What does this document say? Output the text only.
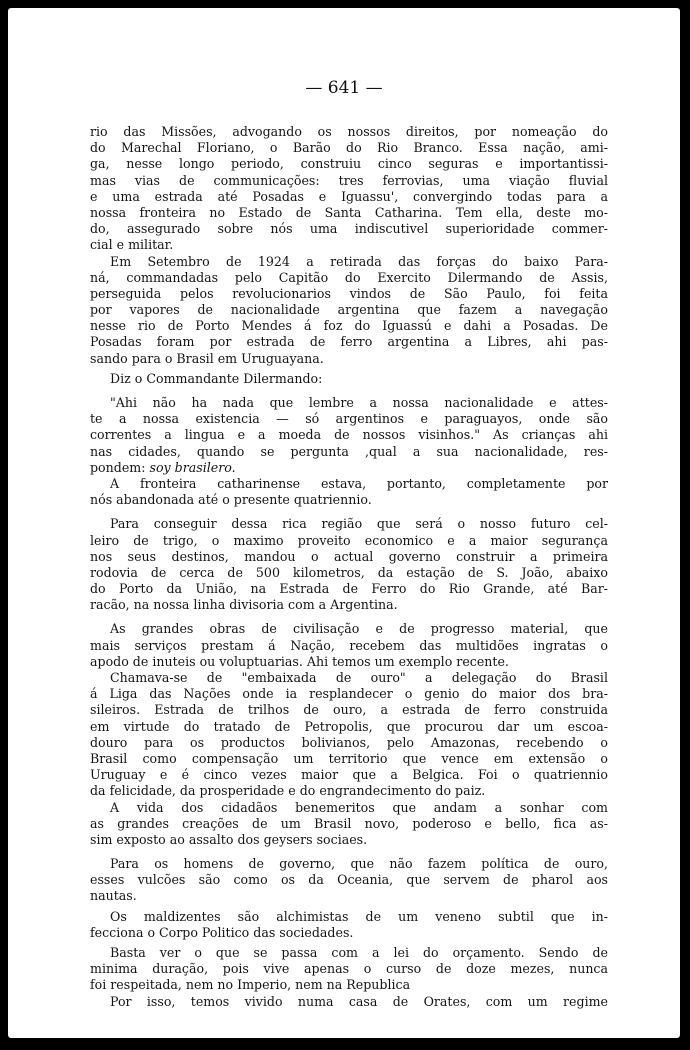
— 641 —
rio das Missões, advogando os nossos direitos, por nomeação do
do Marechal Floriano, o Barão do Rio Branco. Essa nação, ami-
ga, nesse longo periodo, construiu cinco seguras e importantissi-
mas vias de communicações: tres ferrovias, uma viação fluvial
e uma estrada até Posadas e Iguassu', convergindo todas para a
nossa fronteira no Estado de Santa Catharina. Tem ella, deste mo-
do, assegurado sobre nós uma indiscutivel superioridade commer-
cial e militar.
Em Setembro de 1924 a retirada das forças do baixo Para-
ná, commandadas pelo Capitão do Exercito Dilermando de Assis,
perseguida pelos revolucionarios vindos de São Paulo, foi feita
por vapores de nacionalidade argentina que fazem a navegação
nesse rio de Porto Mendes á foz do Iguassú e dahi a Posadas. De
Posadas foram por estrada de ferro argentina a Libres, ahi pas-
sando para o Brasil em Uruguayana.
Diz o Commandante Dilermando:
"Ahi não ha nada que lembre a nossa nacionalidade e attes-
te a nossa existencia — só argentinos e paraguayos, onde são
correntes a lingua e a moeda de nossos visinhos." As crianças ahi
nas cidades, quando se pergunta ,qual a sua nacionalidade, res-
pondem: soy brasilero.
A fronteira catharinense estava, portanto, completamente por
nós abandonada até o presente quatriennio.
Para conseguir dessa rica região que será o nosso futuro cel-
leiro de trigo, o maximo proveito economico e a maior segurança
nos seus destinos, mandou o actual governo construir a primeira
rodovia de cerca de 500 kilometros, da estação de S. João, abaixo
do Porto da União, na Estrada de Ferro do Rio Grande, até Bar-
racão, na nossa linha divisoria com a Argentina.
As grandes obras de civilisação e de progresso material, que
mais serviços prestam á Nação, recebem das multidões ingratas o
apodo de inuteis ou voluptuarias. Ahi temos um exemplo recente.
Chamava-se de "embaixada de ouro" a delegação do Brasil
á Liga das Nações onde ia resplandecer o genio do maior dos bra-
sileiros. Estrada de trilhos de ouro, a estrada de ferro construida
em virtude do tratado de Petropolis, que procurou dar um escoa-
douro para os productos bolivianos, pelo Amazonas, recebendo o
Brasil como compensação um territorio que vence em extensão o
Uruguay e é cinco vezes maior que a Belgica. Foi o quatriennio
da felicidade, da prosperidade e do engrandecimento do paiz.
A vida dos cidadãos benemeritos que andam a sonhar com
as grandes creações de um Brasil novo, poderoso e bello, fica as-
sim exposto ao assalto dos geysers sociaes.
Para os homens de governo, que não fazem política de ouro,
esses vulcões são como os da Oceania, que servem de pharol aos
nautas.
Os maldizentes são alchimistas de um veneno subtil que in-
fecciona o Corpo Politico das sociedades.
Basta ver o que se passa com a lei do orçamento. Sendo de
minima duração, pois vive apenas o curso de doze mezes, nunca
foi respeitada, nem no Imperio, nem na Republica
Por isso, temos vivido numa casa de Orates, com um regime
